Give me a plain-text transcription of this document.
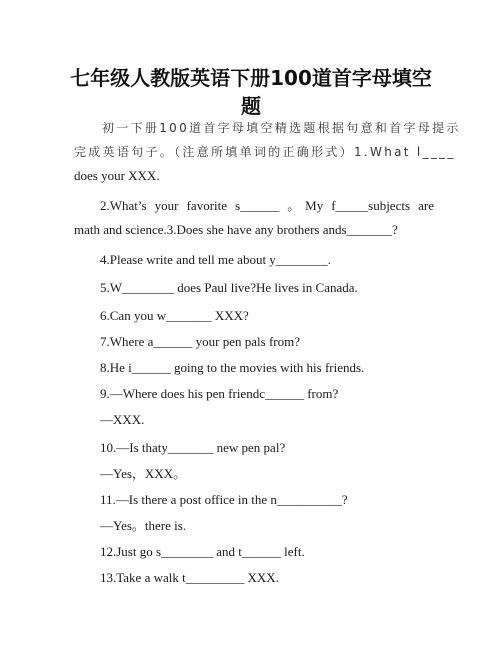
七年级人教版英语下册100道首字母填空
题

初一下册100道首字母填空精选题根据句意和首字母提示

完成英语句子。（注意所填单词的正确形式）1.What l____

does your XXX.

2.What’s your favorite s______ 。My f_____subjects are

math and science.3.Does she have any brothers ands_______?

4.Please write and tell me about y________.

5.W________ does Paul live?He lives in Canada.

6.Can you w_______ XXX?

7.Where a______ your pen pals from?

8.He i______ going to the movies with his friends.

9.—Where does his pen friendc______ from?

—XXX.

10.—Is thaty_______ new pen pal?

—Yes，XXX。

11.—Is there a post office in the n__________?

—Yes。there is.

12.Just go s________ and t______ left.

13.Take a walk t_________ XXX.
